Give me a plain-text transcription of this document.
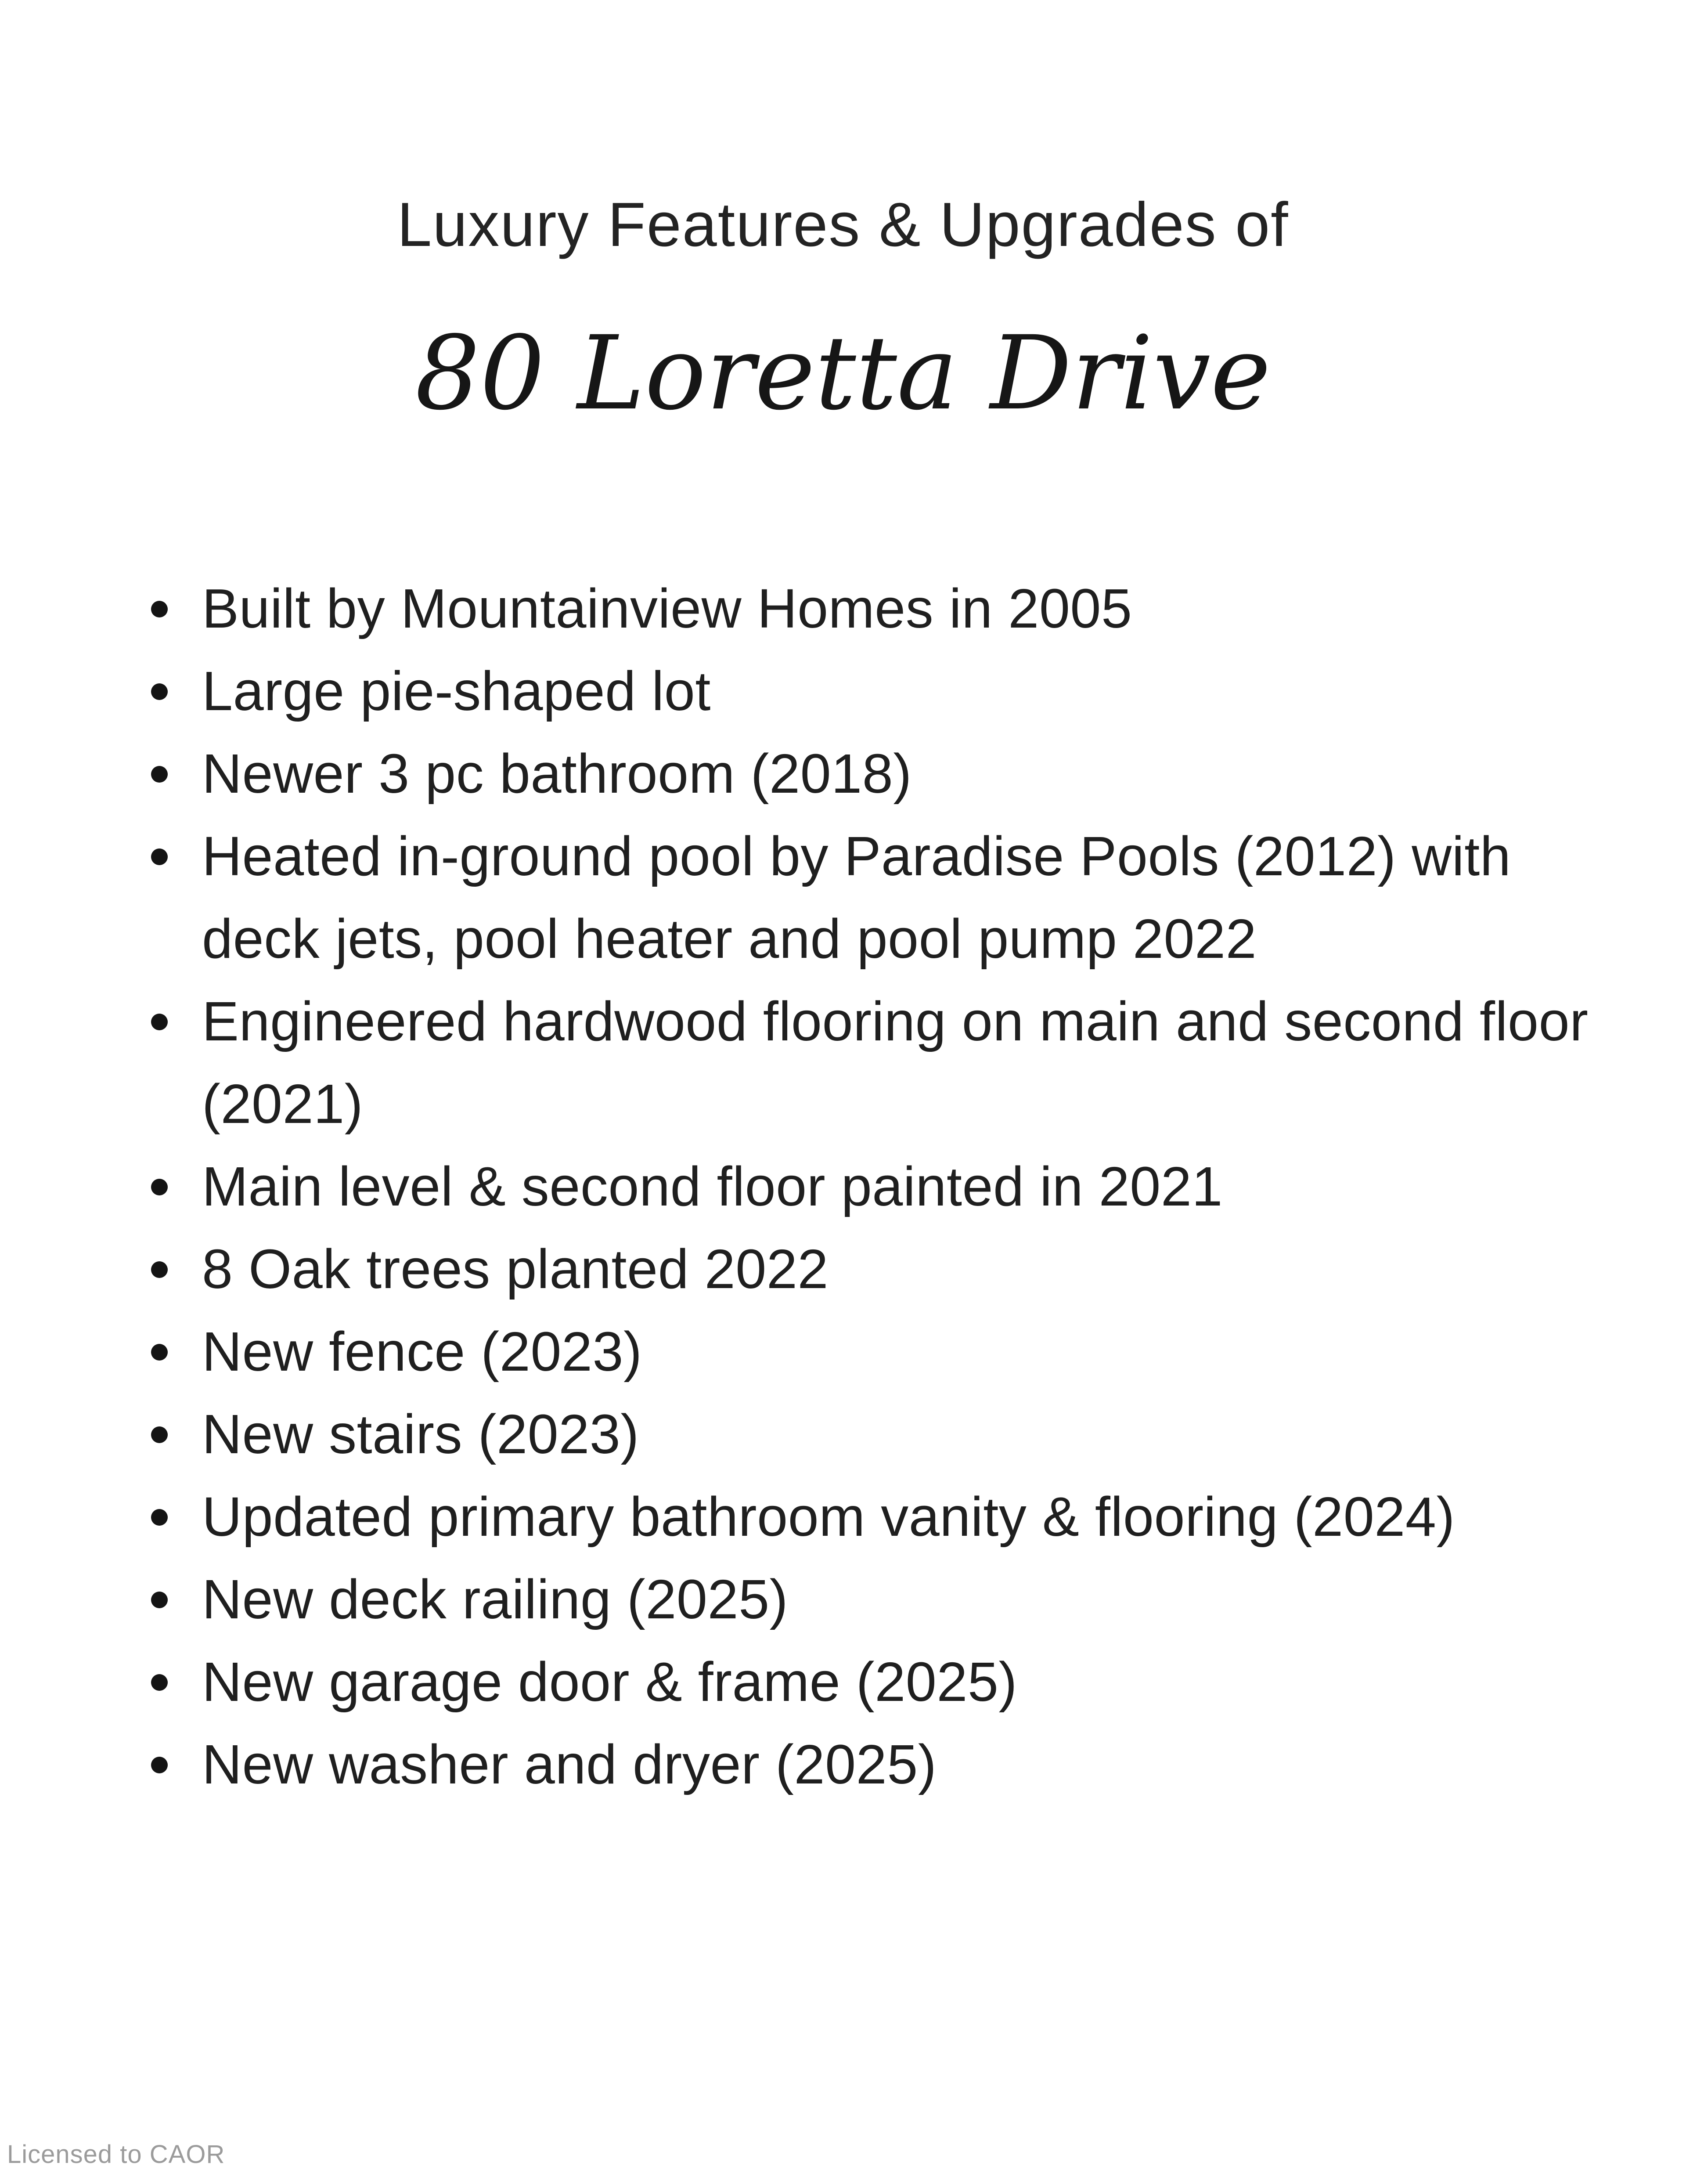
Luxury Features & Upgrades of
80 Loretta Drive
Built by Mountainview Homes in 2005
Large pie-shaped lot
Newer 3 pc bathroom (2018)
Heated in-ground pool by Paradise Pools (2012) with deck jets, pool heater and pool pump 2022
Engineered hardwood flooring on main and second floor (2021)
Main level & second floor painted in 2021
8 Oak trees planted 2022
New fence (2023)
New stairs (2023)
Updated primary bathroom vanity & flooring (2024)
New deck railing (2025)
New garage door & frame (2025)
New washer and dryer (2025)
Licensed to CAOR
